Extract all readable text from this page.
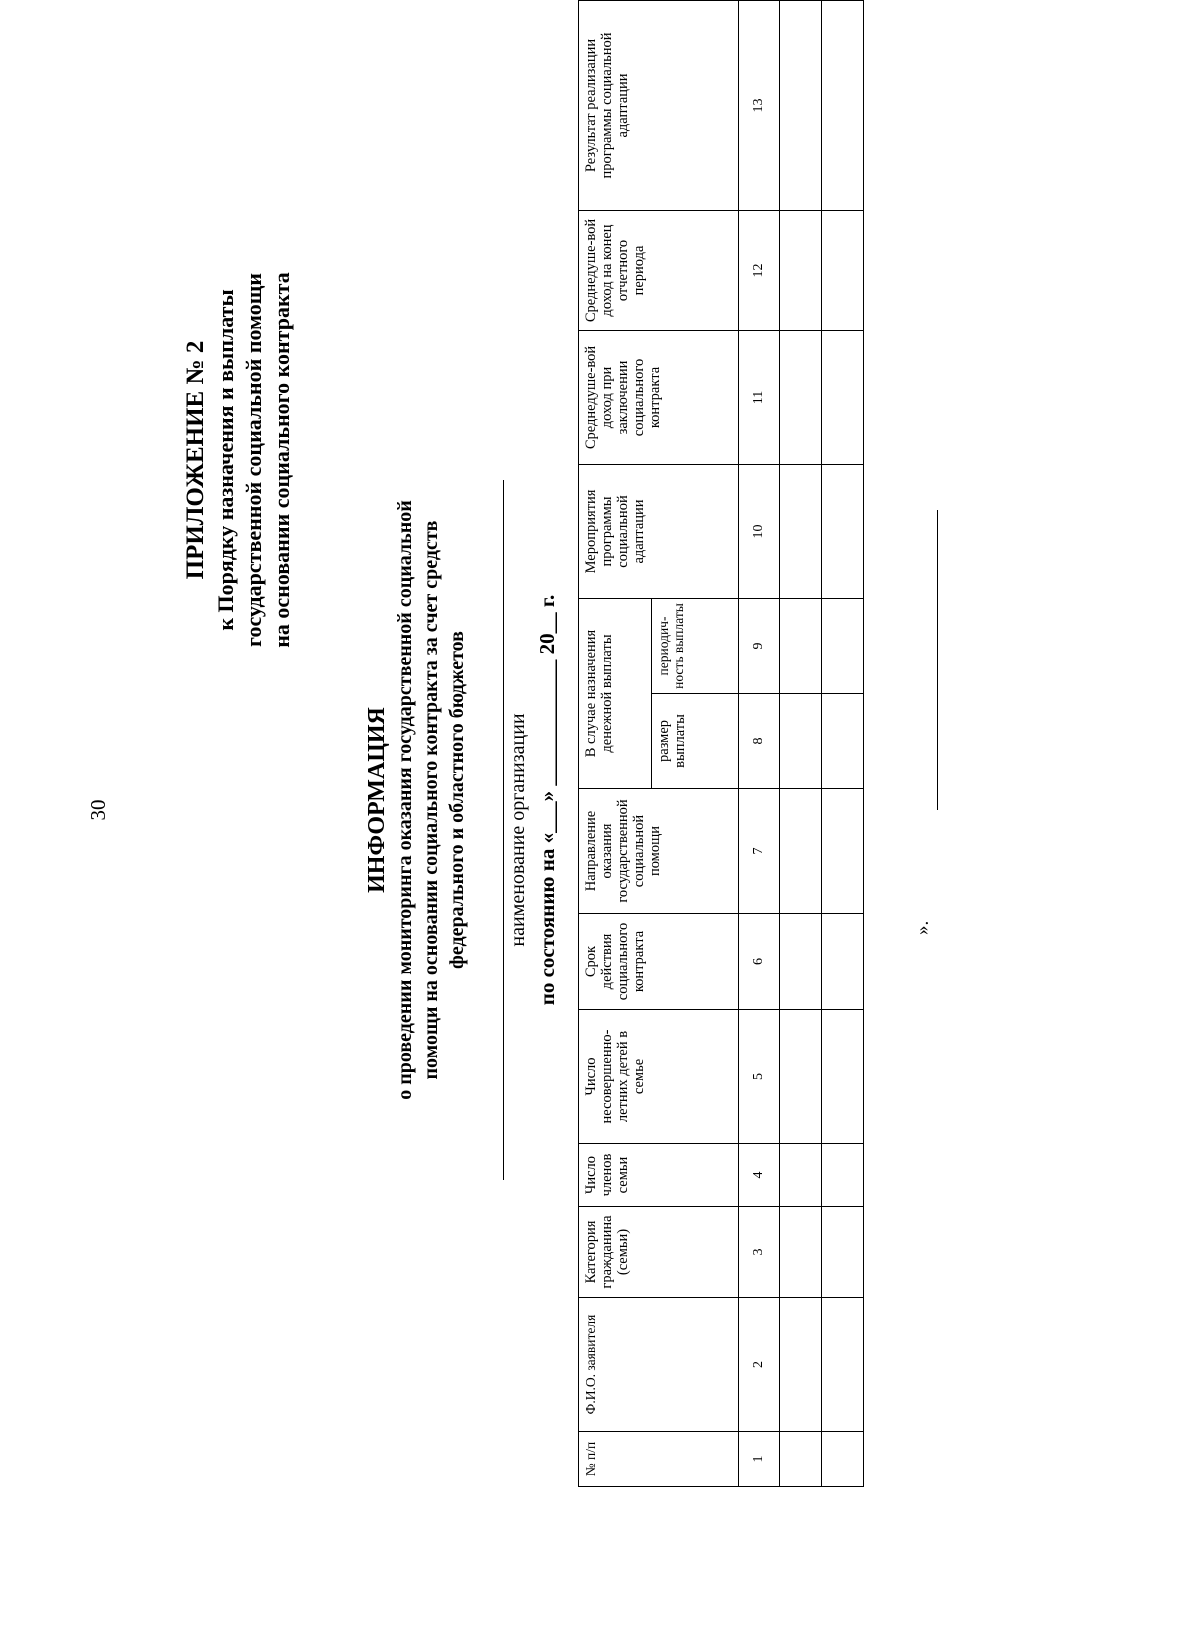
30
ПРИЛОЖЕНИЕ № 2 к Порядку назначения и выплаты государственной социальной помощи на основании социального контракта
ИНФОРМАЦИЯ о проведении мониторинга оказания государственной социальной помощи на основании социального контракта за счет средств федерального и областного бюджетов наименование организации по состоянию на «___» ____________ 20__ г.
№ п/п	Ф.И.О. заявителя	Категория гражданина (семьи)	Число членов семьи	Число несовершенно-летних детей в семье	Срок действия социального контракта	Направление оказания государственной социальной помощи	В случае назначения денежной выплаты		Мероприятия программы социальной адаптации	Среднедуше-вой доход при заключении социального контракта	Среднедуше-вой доход на конец отчетного периода	Результат реализации программы социальной адаптации
							размер выплаты	периодич-ность выплаты				
1	2	3	4	5	6	7	8	9	10	11	12	13

».
